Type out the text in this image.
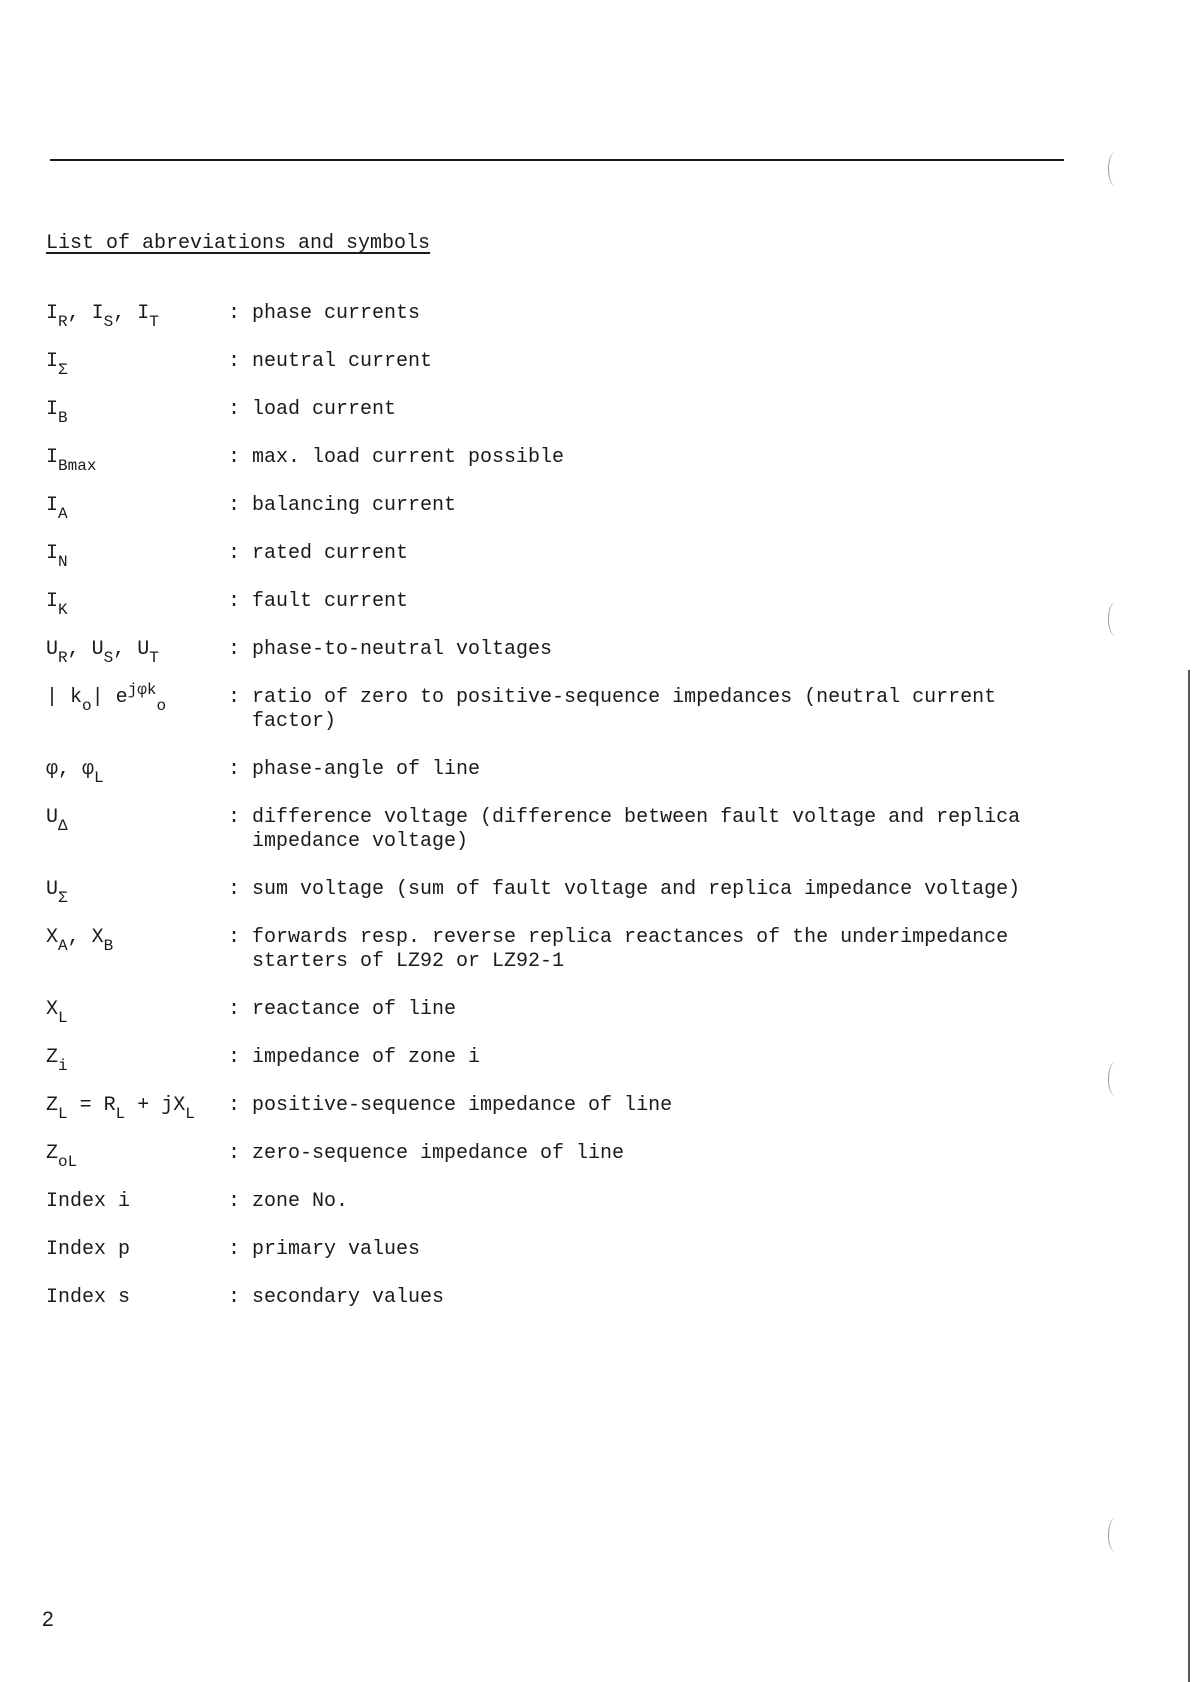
List of abreviations and symbols
$I_R$, $I_S$, $I_T$	: phase currents
$I_\Sigma$	: neutral current
$I_B$	: load current
$I_{Bmax}$	: max. load current possible
$I_A$	: balancing current
$I_N$	: rated current
$I_K$	: fault current
$U_R$, $U_S$, $U_T$	: phase-to-neutral voltages
| $k_o|$ $e^{j\varphi k}_o$	: ratio of zero to positive-sequence impedances (neutral current
factor)
φ, $\varphi_L$	: phase-angle of line
$U_\Delta$	: difference voltage (difference between fault voltage and replica
impedance voltage)
$U_\Sigma$	: sum voltage (sum of fault voltage and replica impedance voltage)
$X_A$, $X_B$	: forwards resp. reverse replica reactances of the underimpedance
starters of LZ92 or LZ92-1
$X_L$	: reactance of line
$Z_i$	: impedance of zone i
$Z_L = R_L + jX_L$	: positive-sequence impedance of line
$Z_{oL}$	: zero-sequence impedance of line
Index i	: zone No.
Index p	: primary values
Index s	: secondary values
2
